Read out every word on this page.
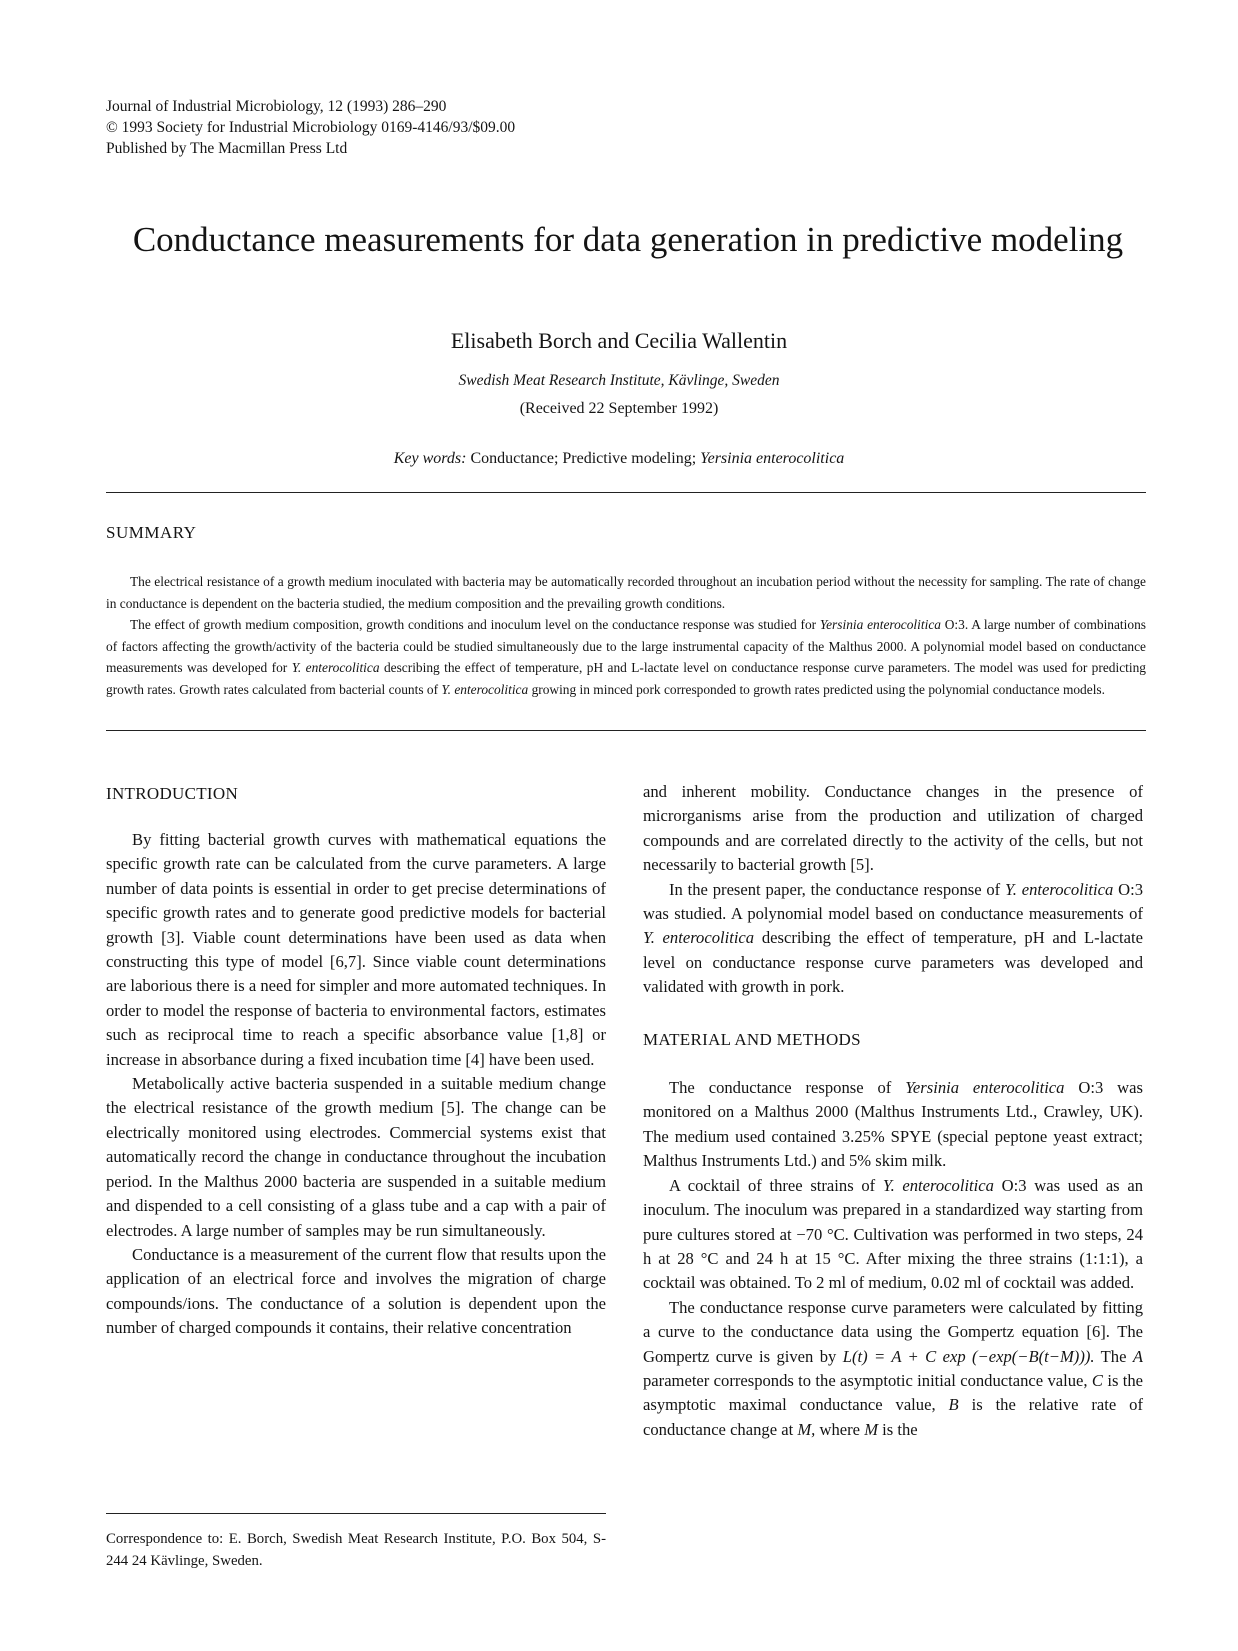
Journal of Industrial Microbiology, 12 (1993) 286–290
© 1993 Society for Industrial Microbiology 0169-4146/93/$09.00
Published by The Macmillan Press Ltd
Conductance measurements for data generation in predictive modeling
Elisabeth Borch and Cecilia Wallentin
Swedish Meat Research Institute, Kävlinge, Sweden
(Received 22 September 1992)
Key words: Conductance; Predictive modeling; Yersinia enterocolitica
SUMMARY

The electrical resistance of a growth medium inoculated with bacteria may be automatically recorded throughout an incubation period without the necessity for sampling. The rate of change in conductance is dependent on the bacteria studied, the medium composition and the prevailing growth conditions.

The effect of growth medium composition, growth conditions and inoculum level on the conductance response was studied for Yersinia enterocolitica O:3. A large number of combinations of factors affecting the growth/activity of the bacteria could be studied simultaneously due to the large instrumental capacity of the Malthus 2000. A polynomial model based on conductance measurements was developed for Y. enterocolitica describing the effect of temperature, pH and L-lactate level on conductance response curve parameters. The model was used for predicting growth rates. Growth rates calculated from bacterial counts of Y. enterocolitica growing in minced pork corresponded to growth rates predicted using the polynomial conductance models.

INTRODUCTION

By fitting bacterial growth curves with mathematical equations the specific growth rate can be calculated from the curve parameters. A large number of data points is essential in order to get precise determinations of specific growth rates and to generate good predictive models for bacterial growth [3]. Viable count determinations have been used as data when constructing this type of model [6,7]. Since viable count determinations are laborious there is a need for simpler and more automated techniques. In order to model the response of bacteria to environmental factors, estimates such as reciprocal time to reach a specific absorbance value [1,8] or increase in absorbance during a fixed incubation time [4] have been used.

Metabolically active bacteria suspended in a suitable medium change the electrical resistance of the growth medium [5]. The change can be electrically monitored using electrodes. Commercial systems exist that automatically record the change in conductance throughout the incubation period. In the Malthus 2000 bacteria are suspended in a suitable medium and dispended to a cell consisting of a glass tube and a cap with a pair of electrodes. A large number of samples may be run simultaneously.

Conductance is a measurement of the current flow that results upon the application of an electrical force and involves the migration of charge compounds/ions. The conductance of a solution is dependent upon the number of charged compounds it contains, their relative concentration

Correspondence to: E. Borch, Swedish Meat Research Institute, P.O. Box 504, S-244 24 Kävlinge, Sweden.

and inherent mobility. Conductance changes in the presence of microrganisms arise from the production and utilization of charged compounds and are correlated directly to the activity of the cells, but not necessarily to bacterial growth [5].

In the present paper, the conductance response of Y. enterocolitica O:3 was studied. A polynomial model based on conductance measurements of Y. enterocolitica describing the effect of temperature, pH and L-lactate level on conductance response curve parameters was developed and validated with growth in pork.

MATERIAL AND METHODS

The conductance response of Yersinia enterocolitica O:3 was monitored on a Malthus 2000 (Malthus Instruments Ltd., Crawley, UK). The medium used contained 3.25% SPYE (special peptone yeast extract; Malthus Instruments Ltd.) and 5% skim milk.

A cocktail of three strains of Y. enterocolitica O:3 was used as an inoculum. The inoculum was prepared in a standardized way starting from pure cultures stored at −70 °C. Cultivation was performed in two steps, 24 h at 28 °C and 24 h at 15 °C. After mixing the three strains (1:1:1), a cocktail was obtained. To 2 ml of medium, 0.02 ml of cocktail was added.

The conductance response curve parameters were calculated by fitting a curve to the conductance data using the Gompertz equation [6]. The Gompertz curve is given by L(t) = A + C exp (−exp(−B(t−M))). The A parameter corresponds to the asymptotic initial conductance value, C is the asymptotic maximal conductance value, B is the relative rate of conductance change at M, where M is the
